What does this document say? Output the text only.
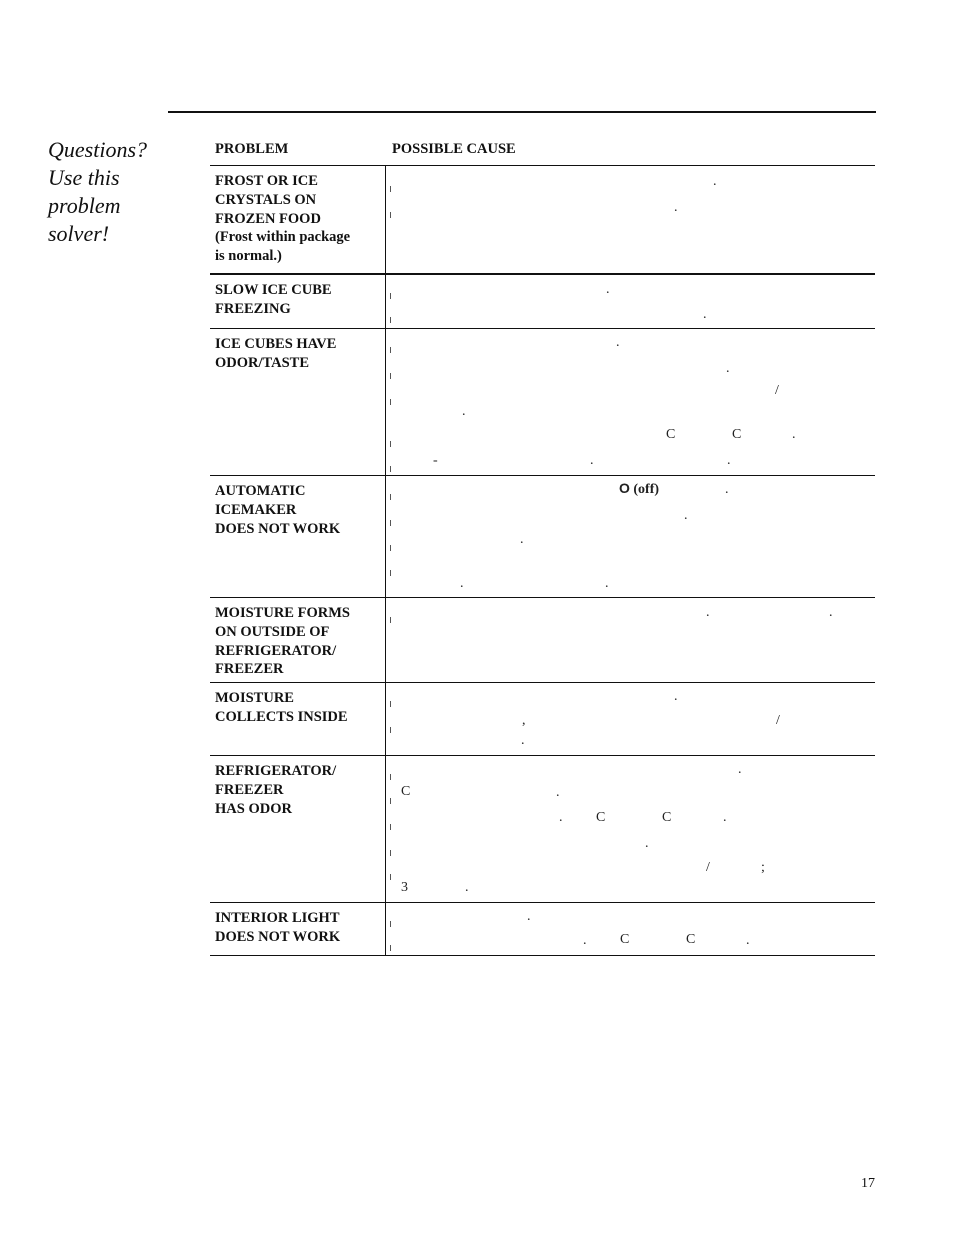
Questions?
Use this
problem
solver!
PROBLEM	POSSIBLE CAUSE
FROST OR ICE
CRYSTALS ON
FROZEN FOOD
(Frost within package
is normal.)
.
.
SLOW ICE CUBE
FREEZING
.
.
ICE CUBES HAVE
ODOR/TASTE
.
.
/
.
C	C	.
-	.	.
AUTOMATIC
ICEMAKER
DOES NOT WORK
O (off)	.
.
.
.	.
MOISTURE FORMS
ON OUTSIDE OF
REFRIGERATOR/
FREEZER
.	.
MOISTURE
COLLECTS INSIDE
.
,	/
.
REFRIGERATOR/
FREEZER
HAS ODOR
.
C	.
. C	C	.
.
/	;
3	.
INTERIOR LIGHT
DOES NOT WORK
.
. C	C	.
17
